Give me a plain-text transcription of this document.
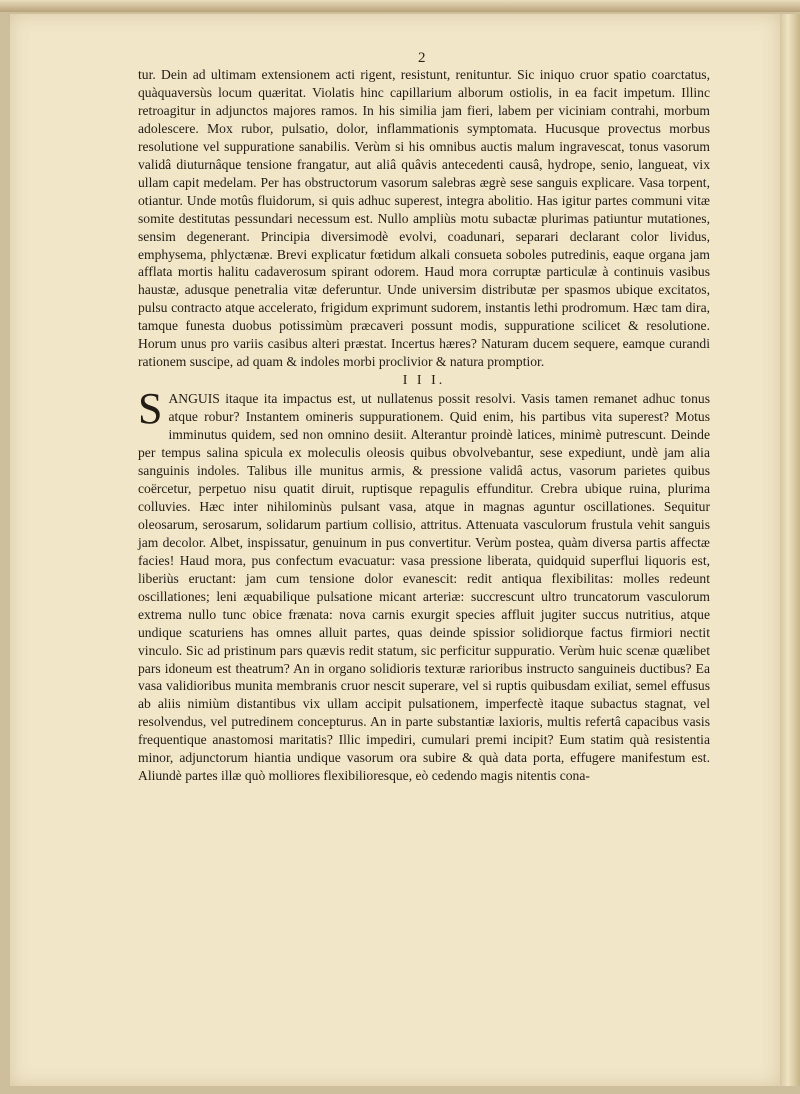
2

tur. Dein ad ultimam extensionem acti rigent, resistunt, renituntur. Sic iniquo cruor spatio coarctatus, quàquaversùs locum quæritat. Violatis hinc capillarium alborum ostiolis, in ea facit impetum. Illinc retroagitur in adjunctos majores ramos. In his similia jam fieri, labem per viciniam contrahi, morbum adolescere. Mox rubor, pulsatio, dolor, inflammationis symptomata. Hucusque provectus morbus resolutione vel suppuratione sanabilis. Verùm si his omnibus auctis malum ingravescat, tonus vasorum validâ diuturnâque tensione frangatur, aut aliâ quâvis antecedenti causâ, hydrope, senio, langueat, vix ullam capit medelam. Per has obstructorum vasorum salebras ægrè sese sanguis explicare. Vasa torpent, otiantur. Unde motûs fluidorum, si quis adhuc superest, integra abolitio. Has igitur partes communi vitæ somite destitutas pessundari necessum est. Nullo ampliùs motu subactæ plurimas patiuntur mutationes, sensim degenerant. Principia diversimodè evolvi, coadunari, separari declarant color lividus, emphysema, phlyctænæ. Brevi explicatur fœtidum alkali consueta soboles putredinis, eaque organa jam afflata mortis halitu cadaverosum spirant odorem. Haud mora corruptæ particulæ à continuis vasibus haustæ, adusque penetralia vitæ deferuntur. Unde universim distributæ per spasmos ubique excitatos, pulsu contracto atque accelerato, frigidum exprimunt sudorem, instantis lethi prodromum. Hæc tam dira, tamque funesta duobus potissimùm præcaveri possunt modis, suppuratione scilicet & resolutione. Horum unus pro variis casibus alteri præstat. Incertus hæres? Naturam ducem sequere, eamque curandi rationem suscipe, ad quam & indoles morbi proclivior & natura promptior.

I I I.

SANGUIS itaque ita impactus est, ut nullatenus possit resolvi. Vasis tamen remanet adhuc tonus atque robur? Instantem omineris suppurationem. Quid enim, his partibus vita superest? Motus imminutus quidem, sed non omnino desiit. Alterantur proindè latices, minimè putrescunt. Deinde per tempus salina spicula ex moleculis oleosis quibus obvolvebantur, sese expediunt, undè jam alia sanguinis indoles. Talibus ille munitus armis, & pressione validâ actus, vasorum parietes quibus coërcetur, perpetuo nisu quatit diruit, ruptisque repagulis effunditur. Crebra ubique ruina, plurima colluvies. Hæc inter nihilominùs pulsant vasa, atque in magnas aguntur oscillationes. Sequitur oleosarum, serosarum, solidarum partium collisio, attritus. Attenuata vasculorum frustula vehit sanguis jam decolor. Albet, inspissatur, genuinum in pus convertitur. Verùm postea, quàm diversa partis affectæ facies! Haud mora, pus confectum evacuatur: vasa pressione liberata, quidquid superflui liquoris est, liberiùs eructant: jam cum tensione dolor evanescit: redit antiqua flexibilitas: molles redeunt oscillationes; leni æquabilique pulsatione micant arteriæ: succrescunt ultro truncatorum vasculorum extrema nullo tunc obice frænata: nova carnis exurgit species affluit jugiter succus nutritius, atque undique scaturiens has omnes alluit partes, quas deinde spissior solidiorque factus firmiori nectit vinculo. Sic ad pristinum pars quævis redit statum, sic perficitur suppuratio. Verùm huic scenæ quælibet pars idoneum est theatrum? An in organo solidioris texturæ rarioribus instructo sanguineis ductibus? Ea vasa validioribus munita membranis cruor nescit superare, vel si ruptis quibusdam exiliat, semel effusus ab aliis nimiùm distantibus vix ullam accipit pulsationem, imperfectè itaque subactus stagnat, vel resolvendus, vel putredinem concepturus. An in parte substantiæ laxioris, multis refertâ capacibus vasis frequentique anastomosi maritatis? Illic impediri, cumulari premi incipit? Eum statim quà resistentia minor, adjunctorum hiantia undique vasorum ora subire & quà data porta, effugere manifestum est. Aliundè partes illæ quò molliores flexibilioresque, eò cedendo magis nitentis cona-
